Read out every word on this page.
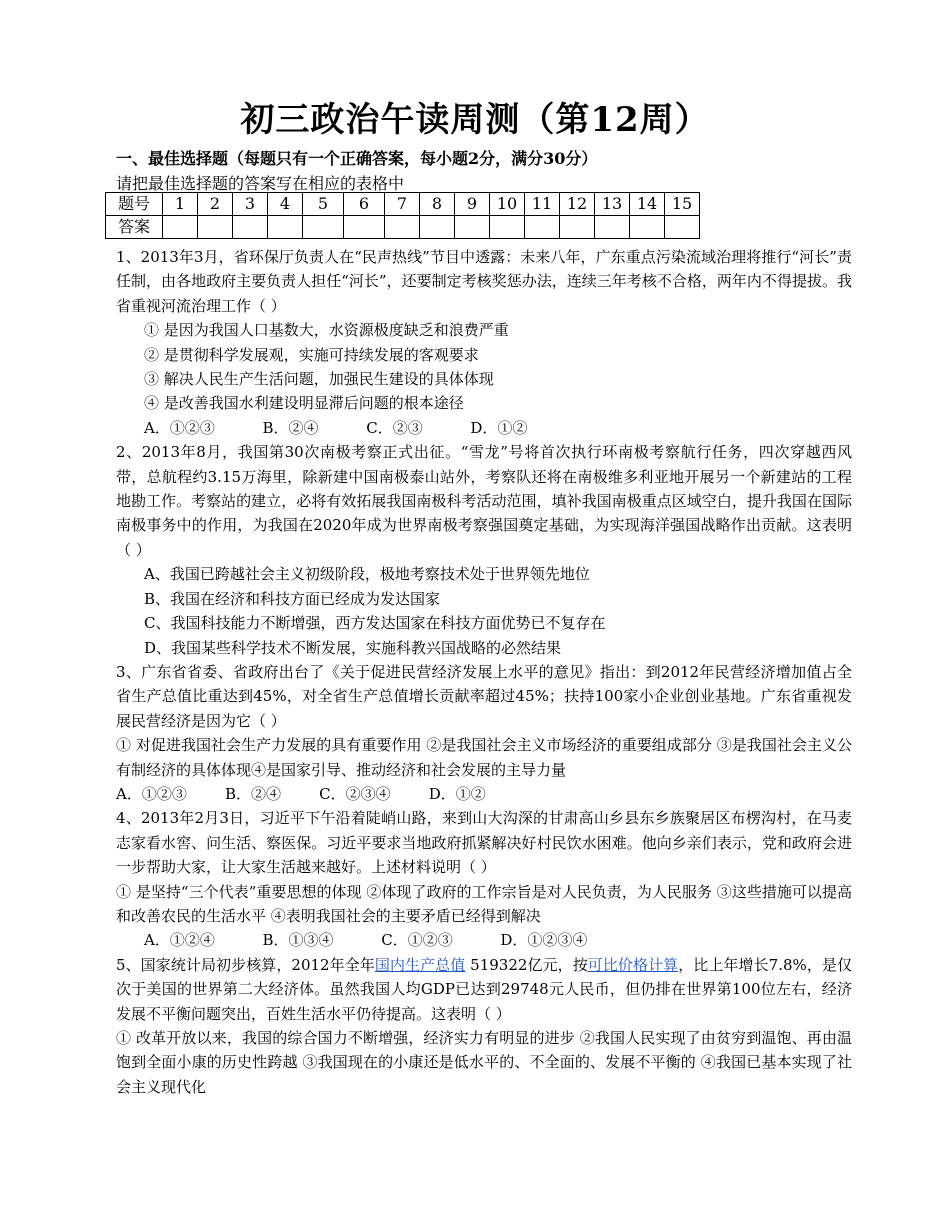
初三政治午读周测（第12周）
一、最佳选择题（每题只有一个正确答案，每小题2分，满分30分）
请把最佳选择题的答案写在相应的表格中
题号	1	2	3	4	5	6	7	8	9	10	11	12	13	14	15
答案															

1、2013年3月，省环保厅负责人在“民声热线”节目中透露：未来八年，广东重点污染流域治理将推行“河长”责任制，由各地政府主要负责人担任“河长”，还要制定考核奖惩办法，连续三年考核不合格，两年内不得提拔。我省重视河流治理工作（ ）

① 是因为我国人口基数大，水资源极度缺乏和浪费严重

② 是贯彻科学发展观，实施可持续发展的客观要求

③ 解决人民生产生活问题，加强民生建设的具体体现

④ 是改善我国水利建设明显滞后问题的根本途径

A．①②③          B．②④          C．②③          D．①②

2、2013年8月，我国第30次南极考察正式出征。“雪龙”号将首次执行环南极考察航行任务，四次穿越西风带，总航程约3.15万海里，除新建中国南极泰山站外，考察队还将在南极维多利亚地开展另一个新建站的工程地勘工作。考察站的建立，必将有效拓展我国南极科考活动范围，填补我国南极重点区域空白，提升我国在国际南极事务中的作用，为我国在2020年成为世界南极考察强国奠定基础，为实现海洋强国战略作出贡献。这表明（ ）

A、我国已跨越社会主义初级阶段，极地考察技术处于世界领先地位

B、我国在经济和科技方面已经成为发达国家

C、我国科技能力不断增强，西方发达国家在科技方面优势已不复存在

D、我国某些科学技术不断发展，实施科教兴国战略的必然结果

3、广东省省委、省政府出台了《关于促进民营经济发展上水平的意见》指出：到2012年民营经济增加值占全省生产总值比重达到45%，对全省生产总值增长贡献率超过45%；扶持100家小企业创业基地。广东省重视发展民营经济是因为它（ ）

① 对促进我国社会生产力发展的具有重要作用 ②是我国社会主义市场经济的重要组成部分 ③是我国社会主义公有制经济的具体体现④是国家引导、推动经济和社会发展的主导力量

A．①②③        B．②④        C．②③④        D．①②

4、2013年2月3日，习近平下午沿着陡峭山路，来到山大沟深的甘肃高山乡县东乡族聚居区布楞沟村，在马麦志家看水窖、问生活、察医保。习近平要求当地政府抓紧解决好村民饮水困难。他向乡亲们表示，党和政府会进一步帮助大家，让大家生活越来越好。上述材料说明（ ）

① 是坚持“三个代表”重要思想的体现 ②体现了政府的工作宗旨是对人民负责，为人民服务 ③这些措施可以提高和改善农民的生活水平 ④表明我国社会的主要矛盾已经得到解决

A．①②④          B．①③④          C．①②③          D．①②③④

5、国家统计局初步核算，2012年全年国内生产总值 519322亿元，按可比价格计算，比上年增长7.8%，是仅次于美国的世界第二大经济体。虽然我国人均GDP已达到29748元人民币，但仍排在世界第100位左右，经济发展不平衡问题突出，百姓生活水平仍待提高。这表明（ ）

① 改革开放以来，我国的综合国力不断增强，经济实力有明显的进步 ②我国人民实现了由贫穷到温饱、再由温饱到全面小康的历史性跨越 ③我国现在的小康还是低水平的、不全面的、发展不平衡的 ④我国已基本实现了社会主义现代化
